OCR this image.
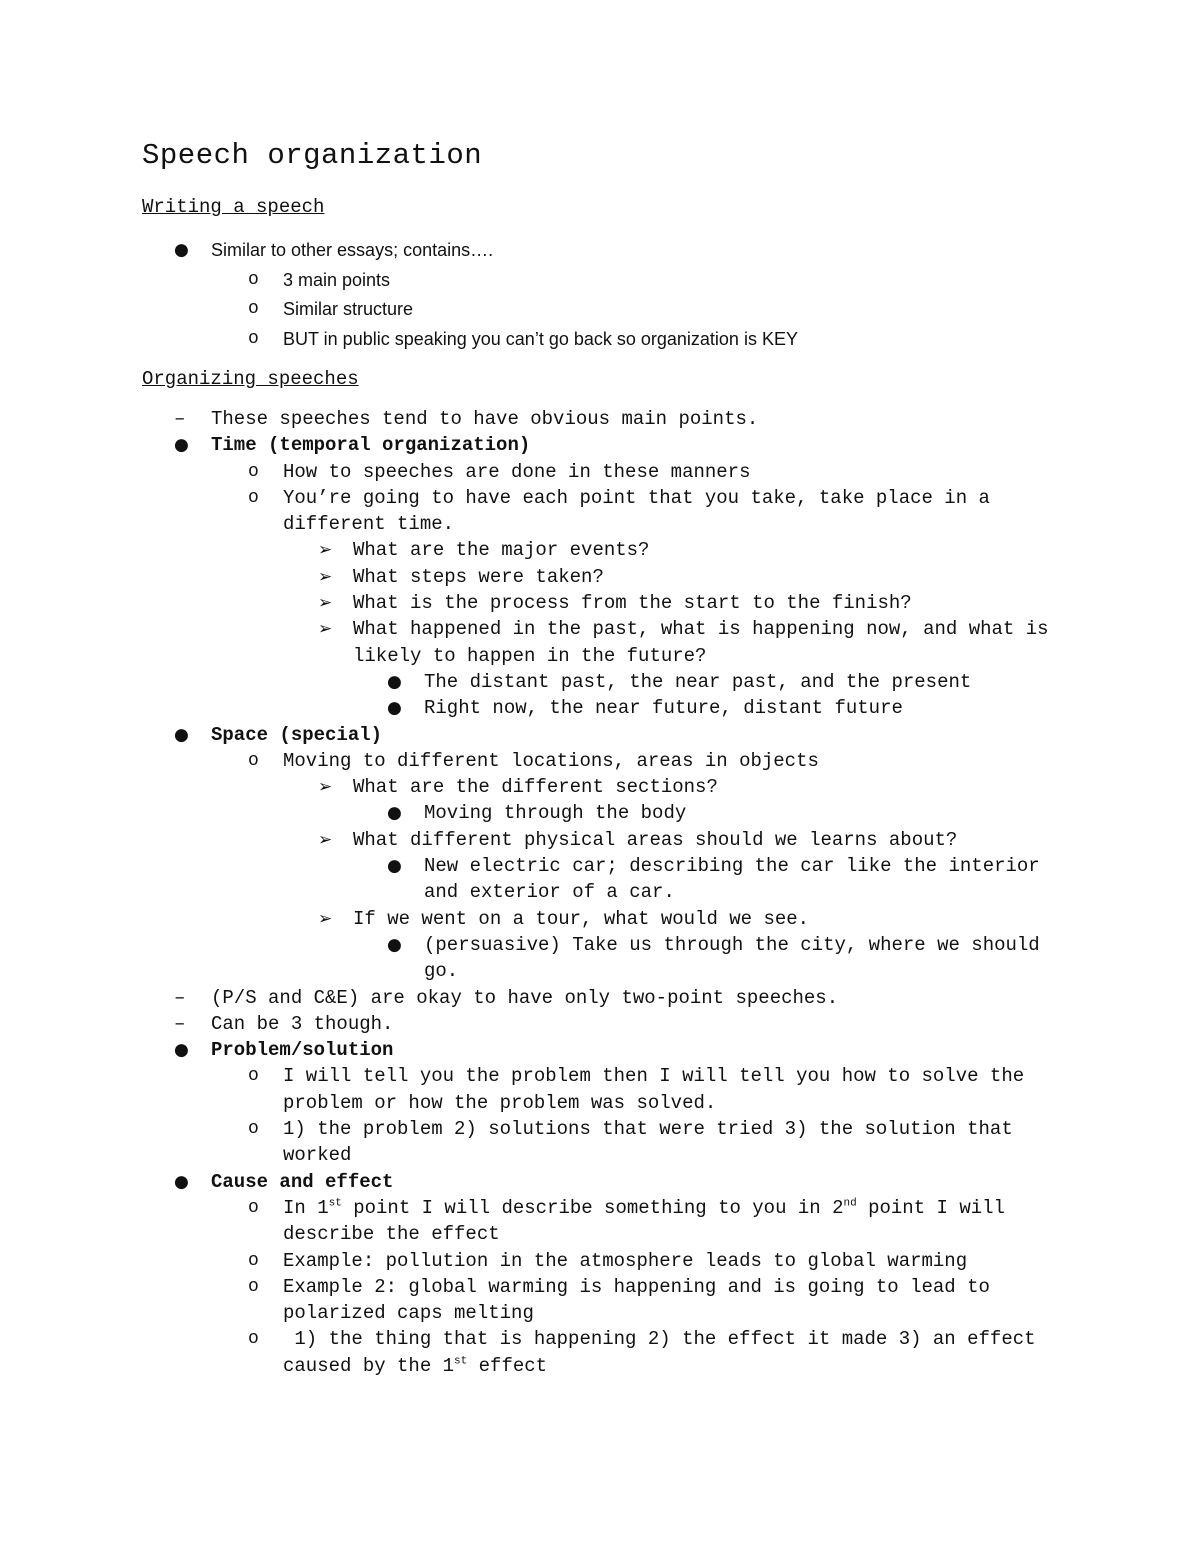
Speech organization
Writing a speech
● Similar to other essays; contains….
o 3 main points
o Similar structure
o BUT in public speaking you can’t go back so organization is KEY
Organizing speeches
– These speeches tend to have obvious main points.
● Time (temporal organization)
o How to speeches are done in these manners
o You’re going to have each point that you take, take place in a different time.
➢ What are the major events?
➢ What steps were taken?
➢ What is the process from the start to the finish?
➢ What happened in the past, what is happening now, and what is likely to happen in the future?
● The distant past, the near past, and the present
● Right now, the near future, distant future
● Space (special)
o Moving to different locations, areas in objects
➢ What are the different sections?
● Moving through the body
➢ What different physical areas should we learns about?
● New electric car; describing the car like the interior and exterior of a car.
➢ If we went on a tour, what would we see.
● (persuasive) Take us through the city, where we should go.
– (P/S and C&E) are okay to have only two-point speeches.
– Can be 3 though.
● Problem/solution
o I will tell you the problem then I will tell you how to solve the problem or how the problem was solved.
o 1) the problem 2) solutions that were tried 3) the solution that worked
● Cause and effect
o In 1st point I will describe something to you in 2nd point I will describe the effect
o Example: pollution in the atmosphere leads to global warming
o Example 2: global warming is happening and is going to lead to polarized caps melting
o 1) the thing that is happening 2) the effect it made 3) an effect caused by the 1st effect
